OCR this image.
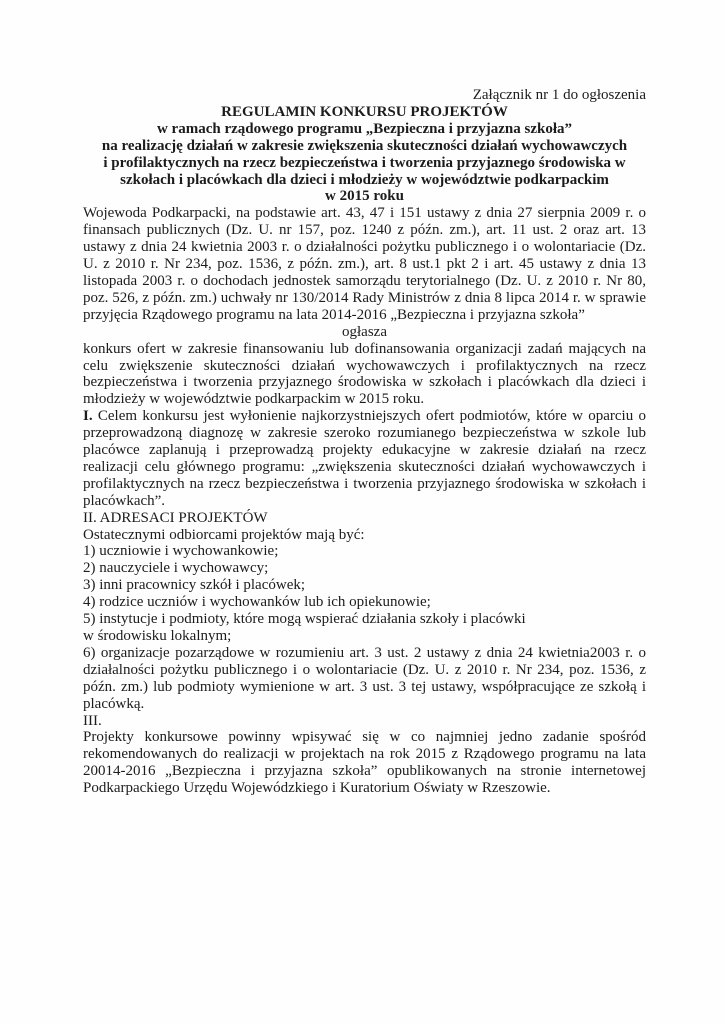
Załącznik nr 1 do ogłoszenia

REGULAMIN KONKURSU PROJEKTÓW

w ramach rządowego programu „Bezpieczna i przyjazna szkoła”

na realizację działań w zakresie zwiększenia skuteczności działań wychowawczych

i profilaktycznych na rzecz bezpieczeństwa i tworzenia przyjaznego środowiska w

szkołach i placówkach dla dzieci i młodzieży w województwie podkarpackim

w 2015 roku

Wojewoda Podkarpacki, na podstawie art. 43, 47 i 151 ustawy z dnia 27 sierpnia 2009 r. o finansach publicznych (Dz. U. nr 157, poz. 1240 z późn. zm.), art. 11 ust. 2 oraz art. 13 ustawy z dnia 24 kwietnia 2003 r. o działalności pożytku publicznego i o wolontariacie (Dz. U. z 2010 r. Nr 234, poz. 1536, z późn. zm.), art. 8 ust.1 pkt 2 i art. 45 ustawy z dnia 13 listopada 2003 r. o dochodach jednostek samorządu terytorialnego (Dz. U. z 2010 r. Nr 80, poz. 526, z późn. zm.) uchwały nr 130/2014 Rady Ministrów z dnia 8 lipca 2014 r. w sprawie przyjęcia Rządowego programu na lata 2014-2016 „Bezpieczna i przyjazna szkoła”

ogłasza

konkurs ofert w zakresie finansowaniu lub dofinansowania organizacji zadań mających na celu zwiększenie skuteczności działań wychowawczych i profilaktycznych na rzecz bezpieczeństwa i tworzenia przyjaznego środowiska w szkołach i placówkach dla dzieci i młodzieży w województwie podkarpackim w 2015 roku.

I. Celem konkursu jest wyłonienie najkorzystniejszych ofert podmiotów, które w oparciu o przeprowadzoną diagnozę w zakresie szeroko rozumianego bezpieczeństwa w szkole lub placówce zaplanują i przeprowadzą projekty edukacyjne w zakresie działań na rzecz realizacji celu głównego programu: „zwiększenia skuteczności działań wychowawczych i profilaktycznych na rzecz bezpieczeństwa i tworzenia przyjaznego środowiska w szkołach i placówkach”.

II. ADRESACI PROJEKTÓW

Ostatecznymi odbiorcami projektów mają być:

1) uczniowie i wychowankowie;
2) nauczyciele i wychowawcy;
3) inni pracownicy szkół i placówek;
4) rodzice uczniów i wychowanków lub ich opiekunowie;
5) instytucje i podmioty, które mogą wspierać działania szkoły i placówki
w środowisku lokalnym;
6) organizacje pozarządowe w rozumieniu art. 3 ust. 2 ustawy z dnia 24 kwietnia2003 r. o działalności pożytku publicznego i o wolontariacie (Dz. U. z 2010 r. Nr 234, poz. 1536, z późn. zm.) lub podmioty wymienione w art. 3 ust. 3 tej ustawy, współpracujące ze szkołą i placówką.
III.

Projekty konkursowe powinny wpisywać się w co najmniej jedno zadanie spośród rekomendowanych do realizacji w projektach na rok 2015 z Rządowego programu na lata 20014-2016 „Bezpieczna i przyjazna szkoła” opublikowanych na stronie internetowej Podkarpackiego Urzędu Wojewódzkiego i Kuratorium Oświaty w Rzeszowie.
